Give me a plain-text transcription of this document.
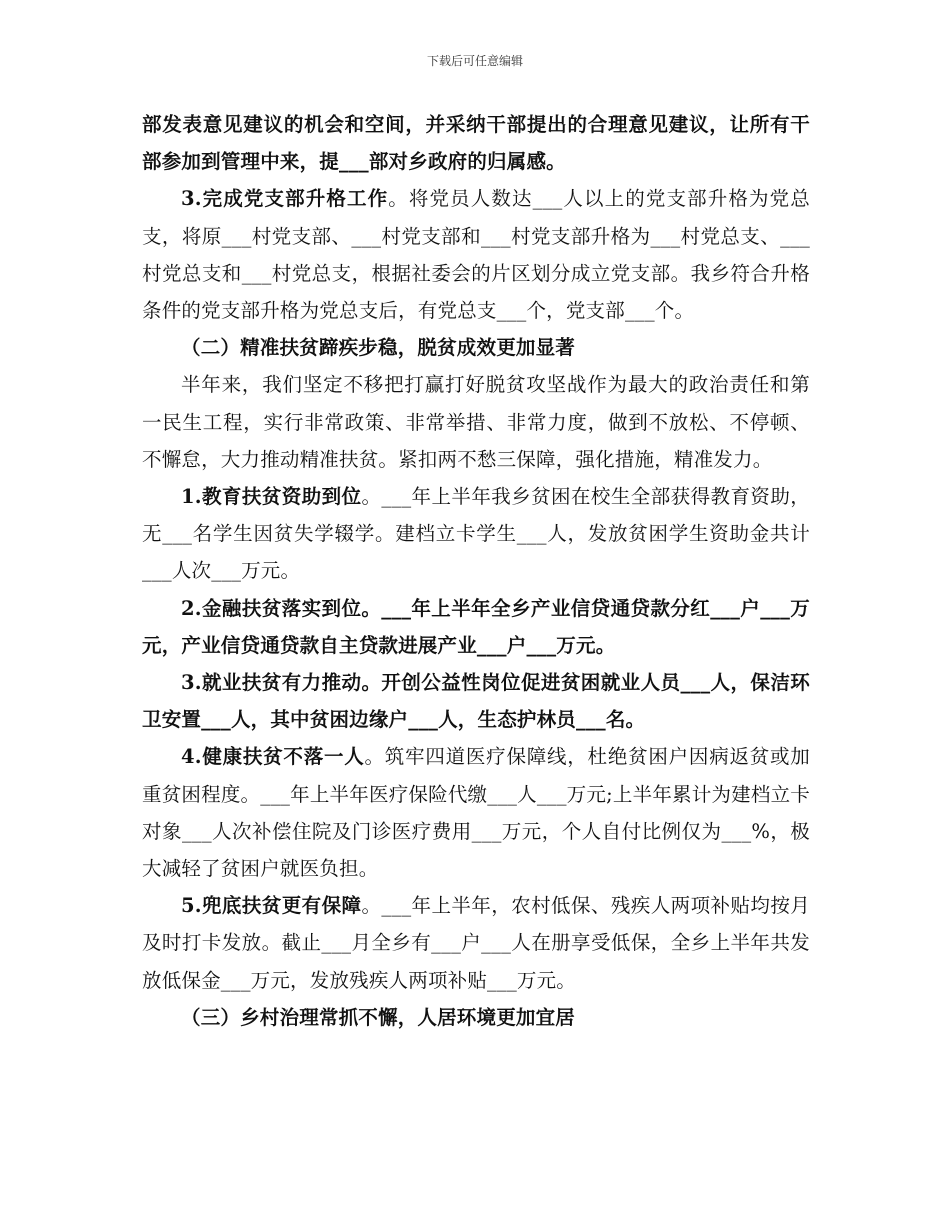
下载后可任意编辑

部发表意见建议的机会和空间，并采纳干部提出的合理意见建议，让所有干部参加到管理中来，提___部对乡政府的归属感。

3.完成党支部升格工作。将党员人数达___人以上的党支部升格为党总支，将原___村党支部、___村党支部和___村党支部升格为___村党总支、___村党总支和___村党总支，根据社委会的片区划分成立党支部。我乡符合升格条件的党支部升格为党总支后，有党总支___个，党支部___个。

（二）精准扶贫蹄疾步稳，脱贫成效更加显著

半年来，我们坚定不移把打赢打好脱贫攻坚战作为最大的政治责任和第一民生工程，实行非常政策、非常举措、非常力度，做到不放松、不停顿、不懈怠，大力推动精准扶贫。紧扣两不愁三保障，强化措施，精准发力。

1.教育扶贫资助到位。___年上半年我乡贫困在校生全部获得教育资助，无___名学生因贫失学辍学。建档立卡学生___人，发放贫困学生资助金共计___人次___万元。

2.金融扶贫落实到位。___年上半年全乡产业信贷通贷款分红___户___万元，产业信贷通贷款自主贷款进展产业___户___万元。

3.就业扶贫有力推动。开创公益性岗位促进贫困就业人员___人，保洁环卫安置___人，其中贫困边缘户___人，生态护林员___名。

4.健康扶贫不落一人。筑牢四道医疗保障线，杜绝贫困户因病返贫或加重贫困程度。___年上半年医疗保险代缴___人___万元;上半年累计为建档立卡对象___人次补偿住院及门诊医疗费用___万元，个人自付比例仅为___%，极大减轻了贫困户就医负担。

5.兜底扶贫更有保障。___年上半年，农村低保、残疾人两项补贴均按月及时打卡发放。截止___月全乡有___户___人在册享受低保，全乡上半年共发放低保金___万元，发放残疾人两项补贴___万元。

（三）乡村治理常抓不懈，人居环境更加宜居
